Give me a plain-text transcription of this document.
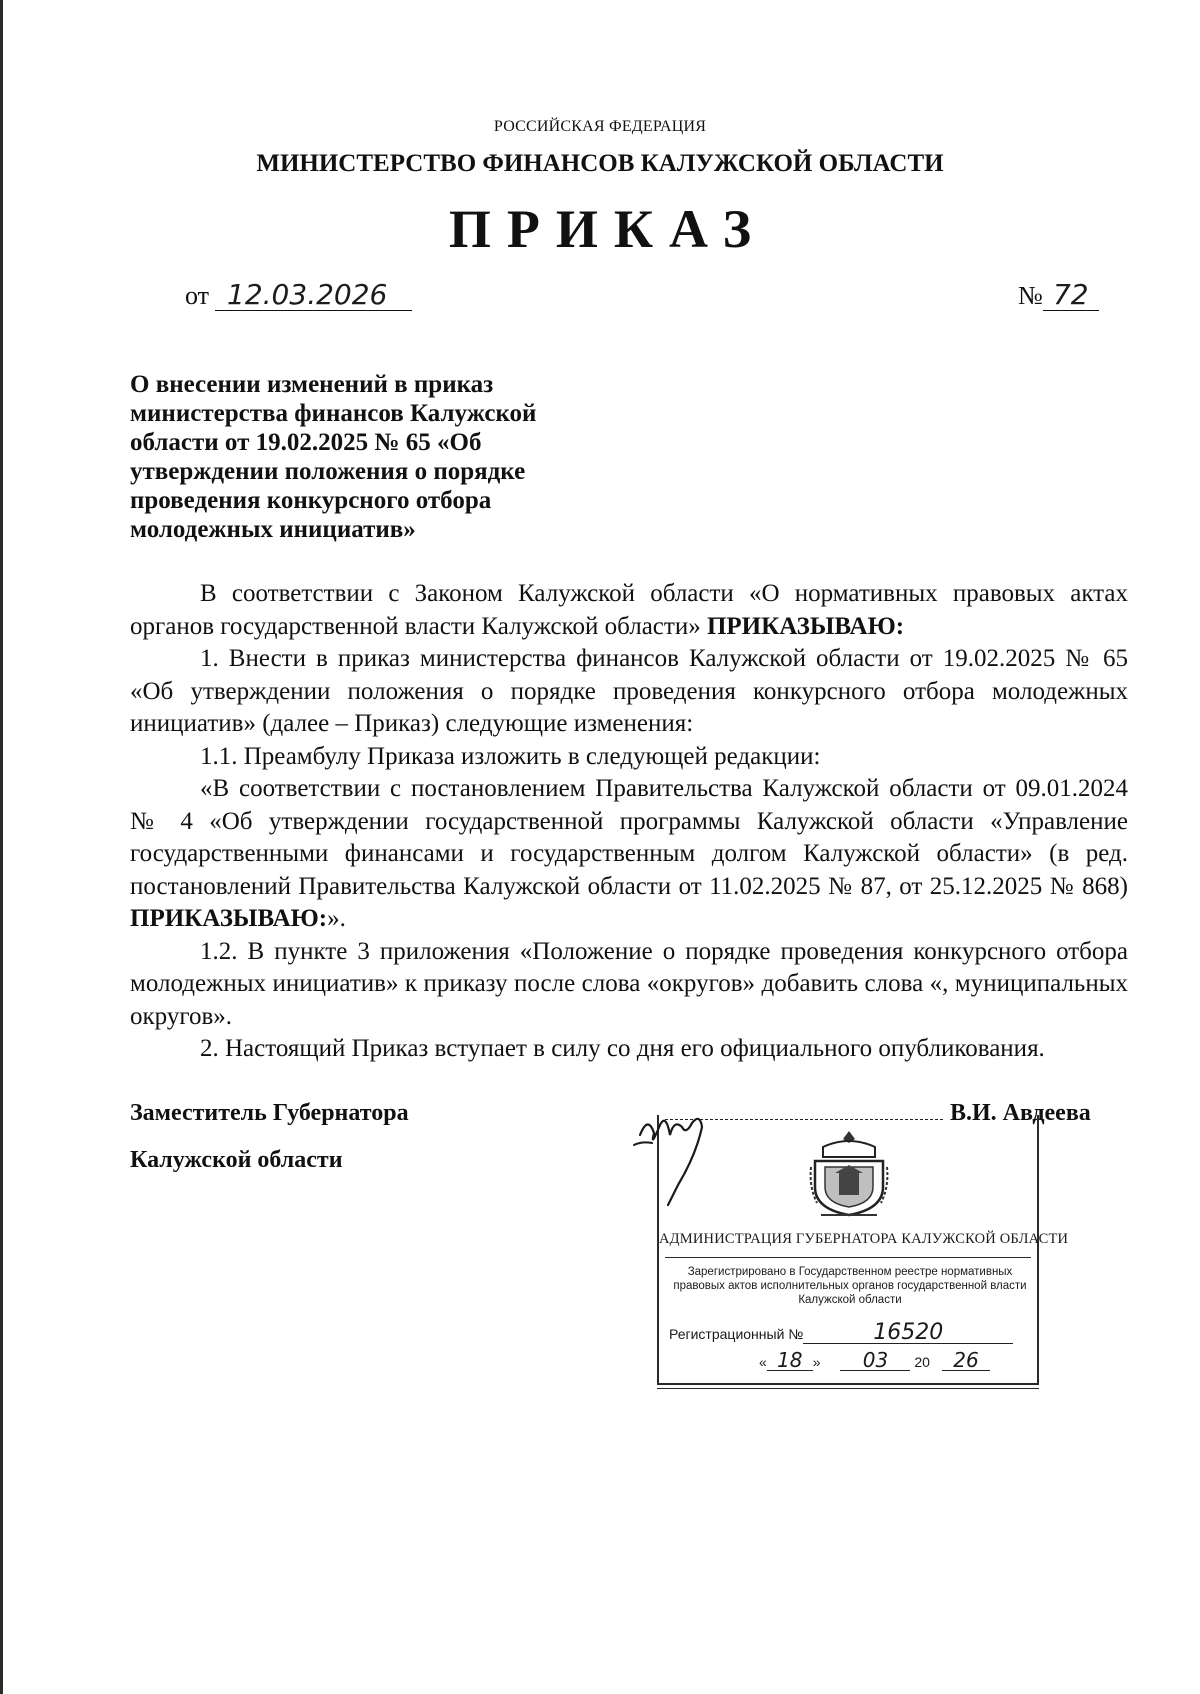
РОССИЙСКАЯ ФЕДЕРАЦИЯ
МИНИСТЕРСТВО ФИНАНСОВ КАЛУЖСКОЙ ОБЛАСТИ
ПРИКАЗ
от 12.03.2026	№ 72
О внесении изменений в приказ
министерства финансов Калужской
области от 19.02.2025 № 65 «Об
утверждении положения о порядке
проведения конкурсного отбора
молодежных инициатив»

В соответствии с Законом Калужской области «О нормативных правовых актах органов государственной власти Калужской области» ПРИКАЗЫВАЮ:

1. Внести в приказ министерства финансов Калужской области от 19.02.2025 № 65 «Об утверждении положения о порядке проведения конкурсного отбора молодежных инициатив» (далее – Приказ) следующие изменения:

1.1. Преамбулу Приказа изложить в следующей редакции:

«В соответствии с постановлением Правительства Калужской области от 09.01.2024 № 4 «Об утверждении государственной программы Калужской области «Управление государственными финансами и государственным долгом Калужской области» (в ред. постановлений Правительства Калужской области от 11.02.2025 № 87, от 25.12.2025 № 868) ПРИКАЗЫВАЮ:».

1.2. В пункте 3 приложения «Положение о порядке проведения конкурсного отбора молодежных инициатив» к приказу после слова «округов» добавить слова «, муниципальных округов».

2. Настоящий Приказ вступает в силу со дня его официального опубликования.

Заместитель Губернатора
Калужской области
В.И. Авдеева
АДМИНИСТРАЦИЯ ГУБЕРНАТОРА КАЛУЖСКОЙ ОБЛАСТИ
Зарегистрировано в Государственном реестре нормативных
правовых актов исполнительных органов государственной власти
Калужской области
Регистрационный №	16520
« 18 » 03 20 26
